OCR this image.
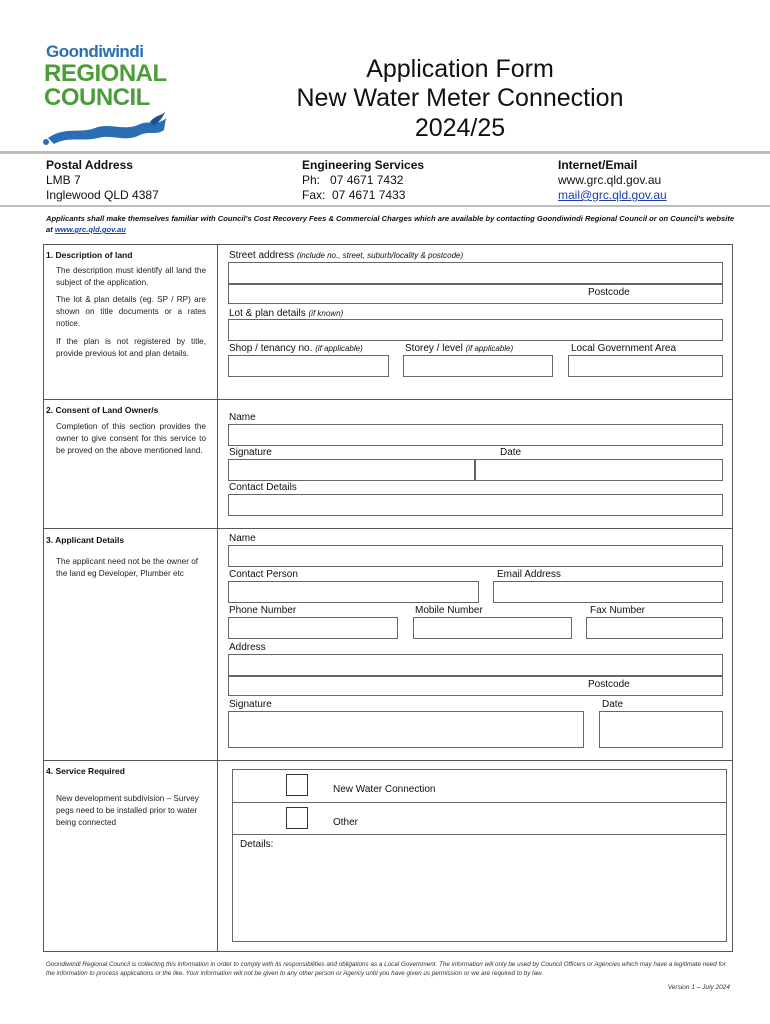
Goondiwindi
REGIONAL
COUNCIL
Application Form
New Water Meter Connection
2024/25
Postal Address
LMB 7
Inglewood QLD 4387
Engineering Services
Ph:   07 4671 7432
Fax:  07 4671 7433
Internet/Email
www.grc.qld.gov.au
mail@grc.qld.gov.au
Applicants shall make themselves familiar with Council's Cost Recovery Fees & Commercial Charges which are available by contacting Goondiwindi Regional Council or on Council's website at www.grc.qld.gov.au
1. Description of land
The description must identify all land the subject of the application.
The lot & plan details (eg. SP / RP) are shown on title documents or a rates notice.
If the plan is not registered by title, provide previous lot and plan details.
Street address (include no., street, suburb/locality & postcode)
Postcode
Lot & plan details (if known)
Shop / tenancy no. (if applicable)	Storey / level (if applicable)	Local Government Area
2. Consent of Land Owner/s
Completion of this section provides the owner to give consent for this service to be proved on the above mentioned land.
Name
Signature	Date
Contact Details
3. Applicant Details
The applicant need not be the owner of the land eg Developer, Plumber etc
Name
Contact Person	Email Address
Phone Number	Mobile Number	Fax Number
Address
Postcode
Signature	Date
4. Service Required
New development subdivision – Survey pegs need to be installed prior to water being connected
New Water Connection
Other
Details:
Goondiwindi Regional Council is collecting this information in order to comply with its responsibilities and obligations as a Local Government. The information will only be used by Council Officers or Agencies which may have a legitimate need for the information to process applications or the like. Your information will not be given to any other person or Agency until you have given us permission or we are required to by law.
Version 1 – July 2024
